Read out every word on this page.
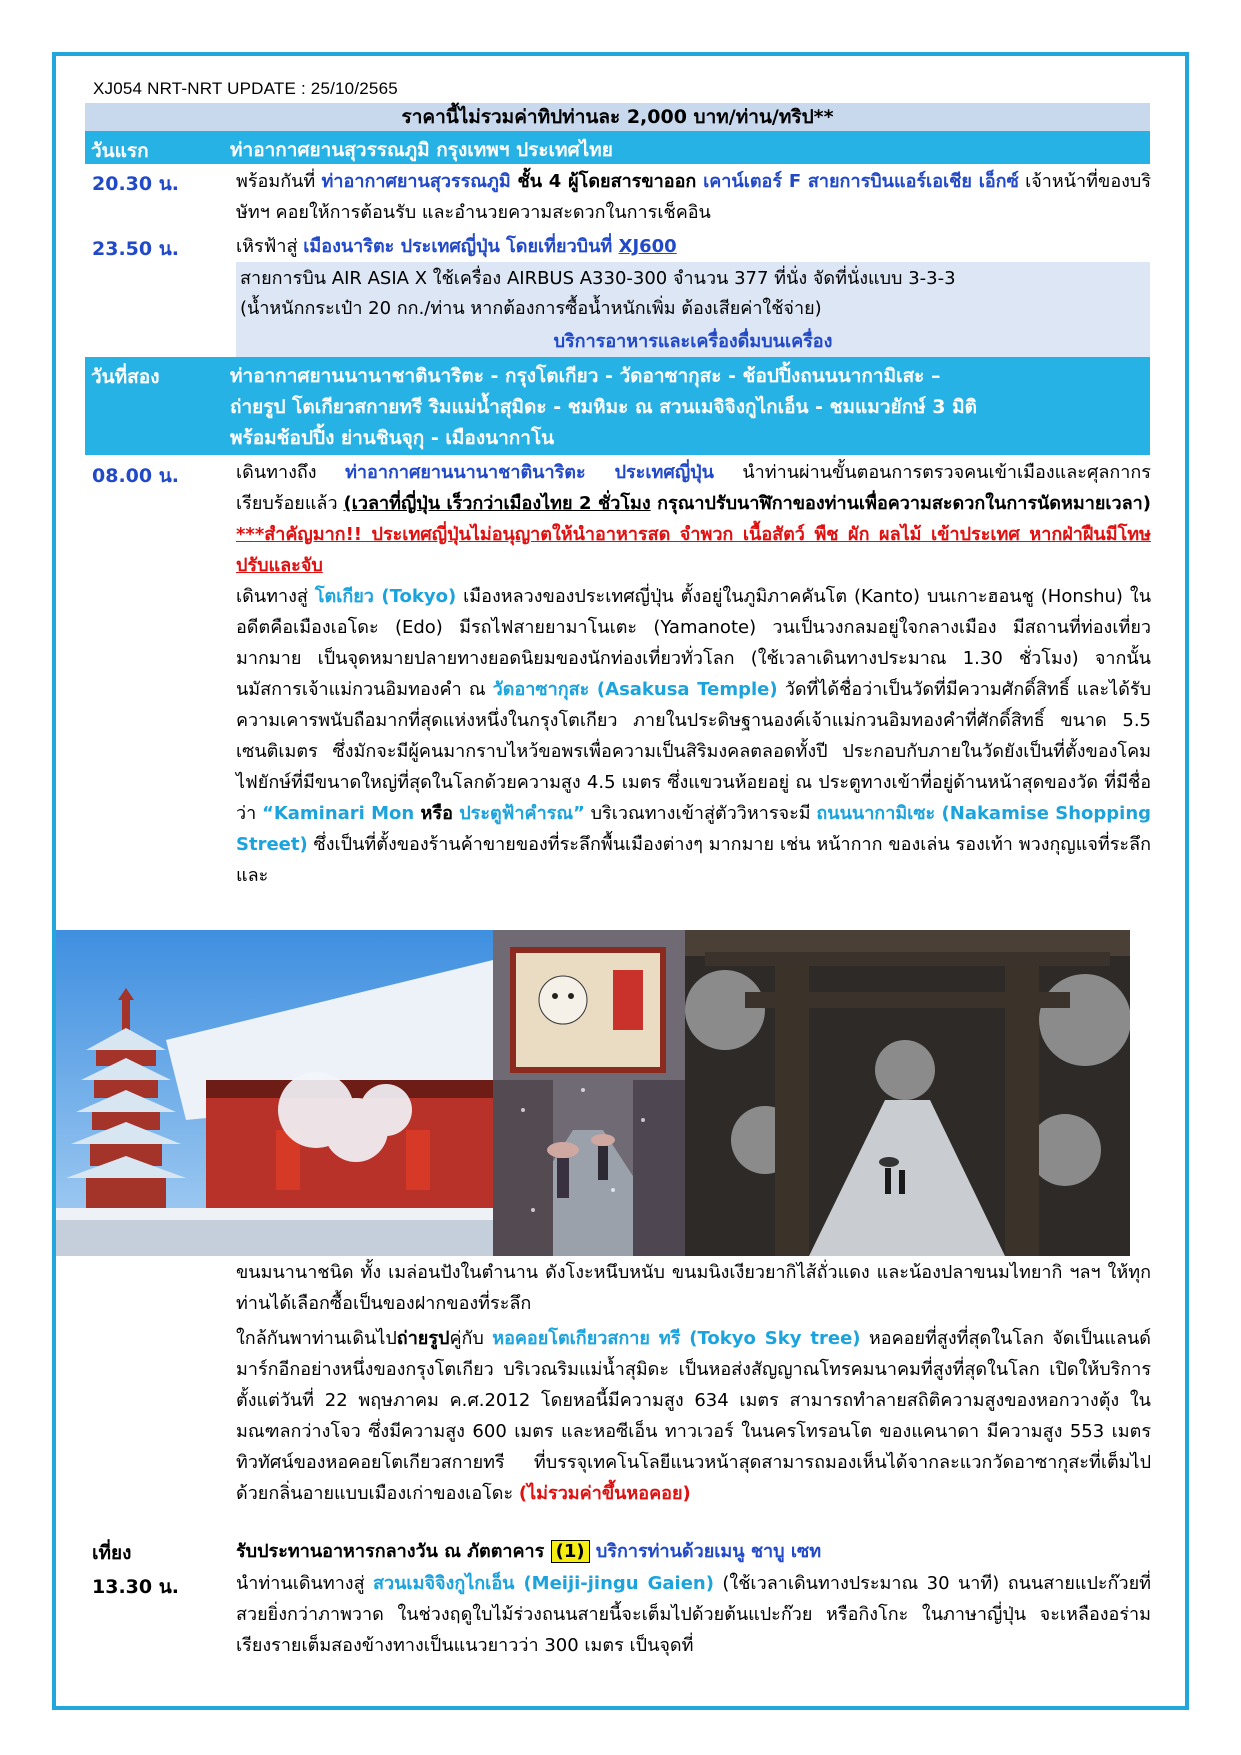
XJ054 NRT-NRT UPDATE : 25/10/2565
ราคานี้ไม่รวมค่าทิปท่านละ 2,000 บาท/ท่าน/ทริป**
วันแรก	ท่าอากาศยานสุวรรณภูมิ กรุงเทพฯ ประเทศไทย
20.30 น.	พร้อมกันที่ ท่าอากาศยานสุวรรณภูมิ ชั้น 4 ผู้โดยสารขาออก เคาน์เตอร์ F สายการบินแอร์เอเชีย เอ็กซ์ เจ้าหน้าที่ของบริษัทฯ คอยให้การต้อนรับ และอำนวยความสะดวกในการเช็คอิน
23.50 น.	เหิรฟ้าสู่ เมืองนาริตะ ประเทศญี่ปุ่น โดยเที่ยวบินที่ XJ600
สายการบิน AIR ASIA X ใช้เครื่อง AIRBUS A330-300 จำนวน 377 ที่นั่ง จัดที่นั่งแบบ 3-3-3
(น้ำหนักกระเป๋า 20 กก./ท่าน หากต้องการซื้อน้ำหนักเพิ่ม ต้องเสียค่าใช้จ่าย)
บริการอาหารและเครื่องดื่มบนเครื่อง
วันที่สอง	ท่าอากาศยานนานาชาตินาริตะ - กรุงโตเกียว - วัดอาซากุสะ - ช้อปปิ้งถนนนากามิเสะ –
ถ่ายรูป โตเกียวสกายทรี ริมแม่น้ำสุมิดะ - ชมหิมะ ณ สวนเมจิจิงกูไกเอ็น - ชมแมวยักษ์ 3 มิติ
พร้อมช้อปปิ้ง ย่านชินจุกุ - เมืองนากาโน
08.00 น.	เดินทางถึง ท่าอากาศยานนานาชาตินาริตะ ประเทศญี่ปุ่น นำท่านผ่านขั้นตอนการตรวจคนเข้าเมืองและศุลกากร เรียบร้อยแล้ว (เวลาที่ญี่ปุ่น เร็วกว่าเมืองไทย 2 ชั่วโมง กรุณาปรับนาฬิกาของท่านเพื่อความสะดวกในการนัดหมายเวลา) ***สำคัญมาก!! ประเทศญี่ปุ่นไม่อนุญาตให้นำอาหารสด จำพวก เนื้อสัตว์ พืช ผัก ผลไม้ เข้าประเทศ หากฝ่าฝืนมีโทษปรับและจับ
เดินทางสู่ โตเกียว (Tokyo) เมืองหลวงของประเทศญี่ปุ่น ตั้งอยู่ในภูมิภาคคันโต (Kanto) บนเกาะฮอนชู (Honshu) ในอดีตคือเมืองเอโดะ (Edo) มีรถไฟสายยามาโนเตะ (Yamanote) วนเป็นวงกลมอยู่ใจกลางเมือง มีสถานที่ท่องเที่ยวมากมาย เป็นจุดหมายปลายทางยอดนิยมของนักท่องเที่ยวทั่วโลก (ใช้เวลาเดินทางประมาณ 1.30 ชั่วโมง) จากนั้นนมัสการเจ้าแม่กวนอิมทองคำ ณ วัดอาซากุสะ (Asakusa Temple) วัดที่ได้ชื่อว่าเป็นวัดที่มีความศักดิ์สิทธิ์ และได้รับความเคารพนับถือมากที่สุดแห่งหนึ่งในกรุงโตเกียว ภายในประดิษฐานองค์เจ้าแม่กวนอิมทองคำที่ศักดิ์สิทธิ์ ขนาด 5.5 เซนติเมตร ซึ่งมักจะมีผู้คนมากราบไหว้ขอพรเพื่อความเป็นสิริมงคลตลอดทั้งปี ประกอบกับภายในวัดยังเป็นที่ตั้งของโคมไฟยักษ์ที่มีขนาดใหญ่ที่สุดในโลกด้วยความสูง 4.5 เมตร ซึ่งแขวนห้อยอยู่ ณ ประตูทางเข้าที่อยู่ด้านหน้าสุดของวัด ที่มีชื่อว่า “Kaminari Mon หรือ ประตูฟ้าคำรณ” บริเวณทางเข้าสู่ตัววิหารจะมี ถนนนากามิเซะ (Nakamise Shopping Street) ซึ่งเป็นที่ตั้งของร้านค้าขายของที่ระลึกพื้นเมืองต่างๆ มากมาย เช่น หน้ากาก ของเล่น รองเท้า พวงกุญแจที่ระลึก และ
ขนมนานาชนิด ทั้ง เมล่อนปังในตำนาน ดังโงะหนึบหนับ ขนมนิงเงียวยากิไส้ถั่วแดง และน้องปลาขนมไทยากิ ฯลฯ ให้ทุกท่านได้เลือกซื้อเป็นของฝากของที่ระลึก
ใกล้กันพาท่านเดินไปถ่ายรูปคู่กับ หอคอยโตเกียวสกาย ทรี (Tokyo Sky tree) หอคอยที่สูงที่สุดในโลก จัดเป็นแลนด์มาร์กอีกอย่างหนึ่งของกรุงโตเกียว บริเวณริมแม่น้ำสุมิดะ เป็นหอส่งสัญญาณโทรคมนาคมที่สูงที่สุดในโลก เปิดให้บริการตั้งแต่วันที่ 22 พฤษภาคม ค.ศ.2012 โดยหอนี้มีความสูง 634 เมตร สามารถทำลายสถิติความสูงของหอกวางตุ้ง ในมณฑลกว่างโจว ซึ่งมีความสูง 600 เมตร และหอซีเอ็น ทาวเวอร์ ในนครโทรอนโต ของแคนาดา มีความสูง 553 เมตร ทิวทัศน์ของหอคอยโตเกียวสกายทรี ที่บรรจุเทคโนโลยีแนวหน้าสุดสามารถมองเห็นได้จากละแวกวัดอาซากุสะที่เต็มไปด้วยกลิ่นอายแบบเมืองเก่าของเอโดะ (ไม่รวมค่าขึ้นหอคอย)
เที่ยง	รับประทานอาหารกลางวัน ณ ภัตตาคาร (1) บริการท่านด้วยเมนู ชาบู เซท
13.30 น.	นำท่านเดินทางสู่ สวนเมจิจิงกูไกเอ็น (Meiji-jingu Gaien) (ใช้เวลาเดินทางประมาณ 30 นาที) ถนนสายแปะก๊วยที่สวยยิ่งกว่าภาพวาด ในช่วงฤดูใบไม้ร่วงถนนสายนี้จะเต็มไปด้วยต้นแปะก๊วย หรือกิงโกะ ในภาษาญี่ปุ่น จะเหลืองอร่ามเรียงรายเต็มสองข้างทางเป็นแนวยาวว่า 300 เมตร เป็นจุดที่
